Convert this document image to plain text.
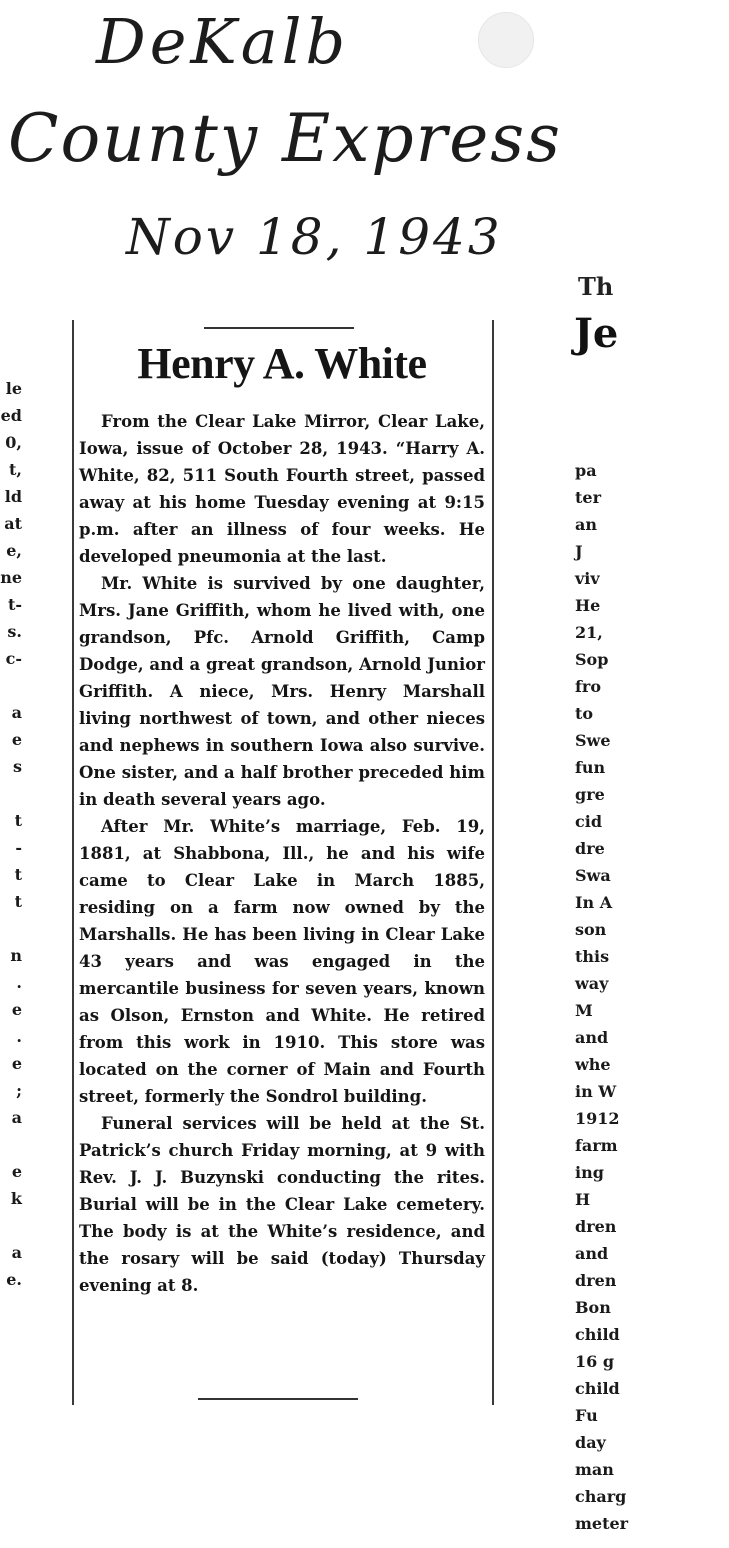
DeKalb
County Express
Nov 18, 1943
le
ed
0,
t,
ld
at
e,
ne
t-
s.
c-
a
e
s
t
-
t
t
n
.
e
.
e
;
a
e
k
a
e.
Th
Je
pa
ter
an
J
viv
He
21,
Sop
fro
to
Swe
fun
gre
cid
dre
Swa
In A
son
this
way
M
and
whe
in W
1912
farm
ing
H
dren
and
dren
Bon
child
16 g
child
Fu
day
man
charg
meter
Henry A. White

From the Clear Lake Mirror, Clear Lake, Iowa, issue of October 28, 1943. “Harry A. White, 82, 511 South Fourth street, passed away at his home Tuesday evening at 9:15 p.m. after an illness of four weeks. He developed pneumonia at the last.

Mr. White is survived by one daughter, Mrs. Jane Griffith, whom he lived with, one grandson, Pfc. Arnold Griffith, Camp Dodge, and a great grandson, Arnold Junior Griffith. A niece, Mrs. Henry Marshall living northwest of town, and other nieces and nephews in southern Iowa also survive. One sister, and a half brother preceded him in death several years ago.

After Mr. White’s marriage, Feb. 19, 1881, at Shabbona, Ill., he and his wife came to Clear Lake in March 1885, residing on a farm now owned by the Marshalls. He has been living in Clear Lake 43 years and was engaged in the mercantile business for seven years, known as Olson, Ernston and White. He retired from this work in 1910. This store was located on the corner of Main and Fourth street, formerly the Sondrol building.

Funeral services will be held at the St. Patrick’s church Friday morning, at 9 with Rev. J. J. Buzynski conducting the rites. Burial will be in the Clear Lake cemetery. The body is at the White’s residence, and the rosary will be said (today) Thursday evening at 8.
